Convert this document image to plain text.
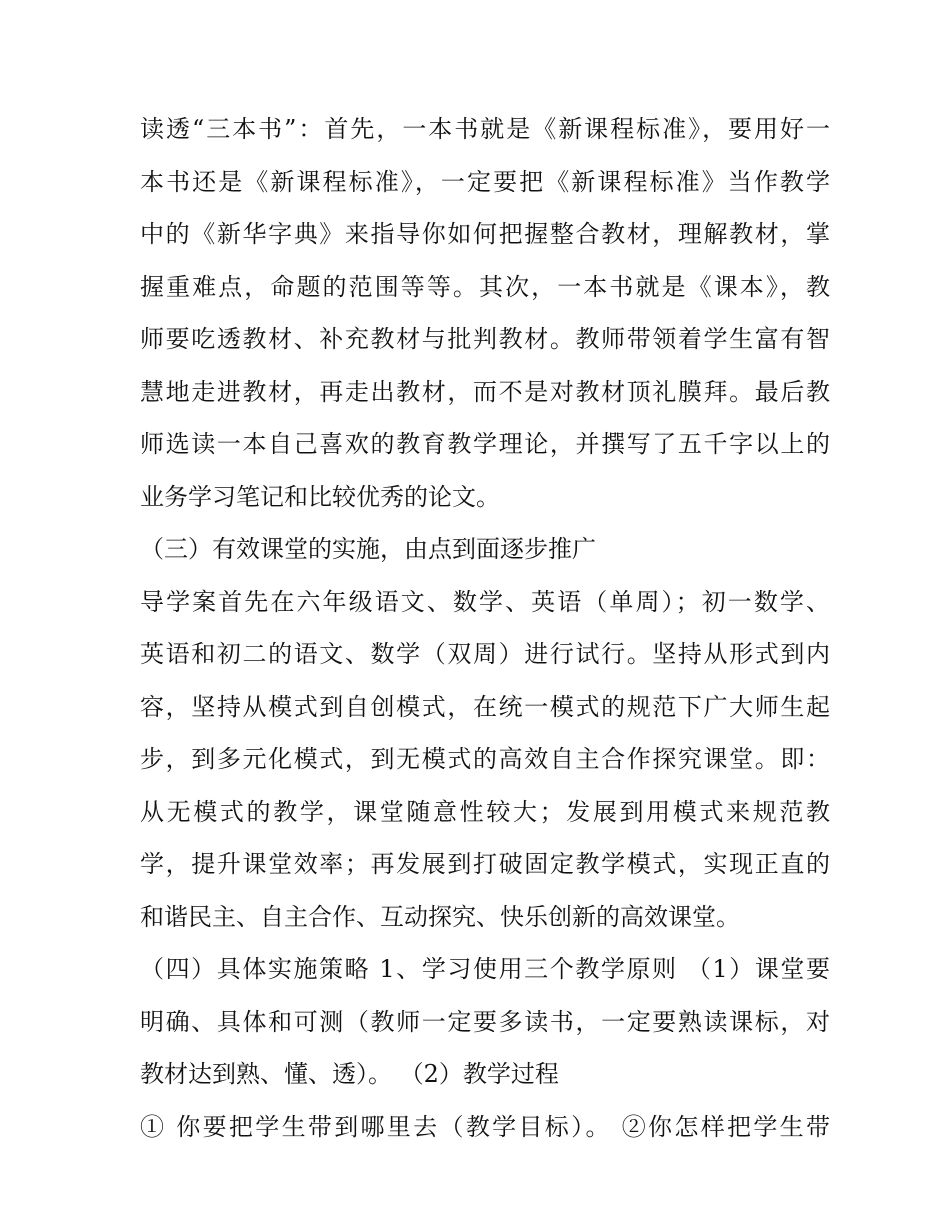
读透“三本书”：首先，一本书就是《新课程标准》，要用好一
本书还是《新课程标准》，一定要把《新课程标准》当作教学
中的《新华字典》来指导你如何把握整合教材，理解教材，掌
握重难点，命题的范围等等。其次，一本书就是《课本》，教
师要吃透教材、补充教材与批判教材。教师带领着学生富有智
慧地走进教材，再走出教材，而不是对教材顶礼膜拜。最后教
师选读一本自己喜欢的教育教学理论，并撰写了五千字以上的
业务学习笔记和比较优秀的论文。
（三）有效课堂的实施，由点到面逐步推广
导学案首先在六年级语文、数学、英语（单周）；初一数学、
英语和初二的语文、数学（双周）进行试行。坚持从形式到内
容，坚持从模式到自创模式，在统一模式的规范下广大师生起
步，到多元化模式，到无模式的高效自主合作探究课堂。即：
从无模式的教学，课堂随意性较大；发展到用模式来规范教
学，提升课堂效率；再发展到打破固定教学模式，实现正直的
和谐民主、自主合作、互动探究、快乐创新的高效课堂。
（四）具体实施策略 1、学习使用三个教学原则 （1）课堂要
明确、具体和可测（教师一定要多读书，一定要熟读课标，对
教材达到熟、懂、透）。 （2）教学过程
① 你要把学生带到哪里去（教学目标）。 ②你怎样把学生带
